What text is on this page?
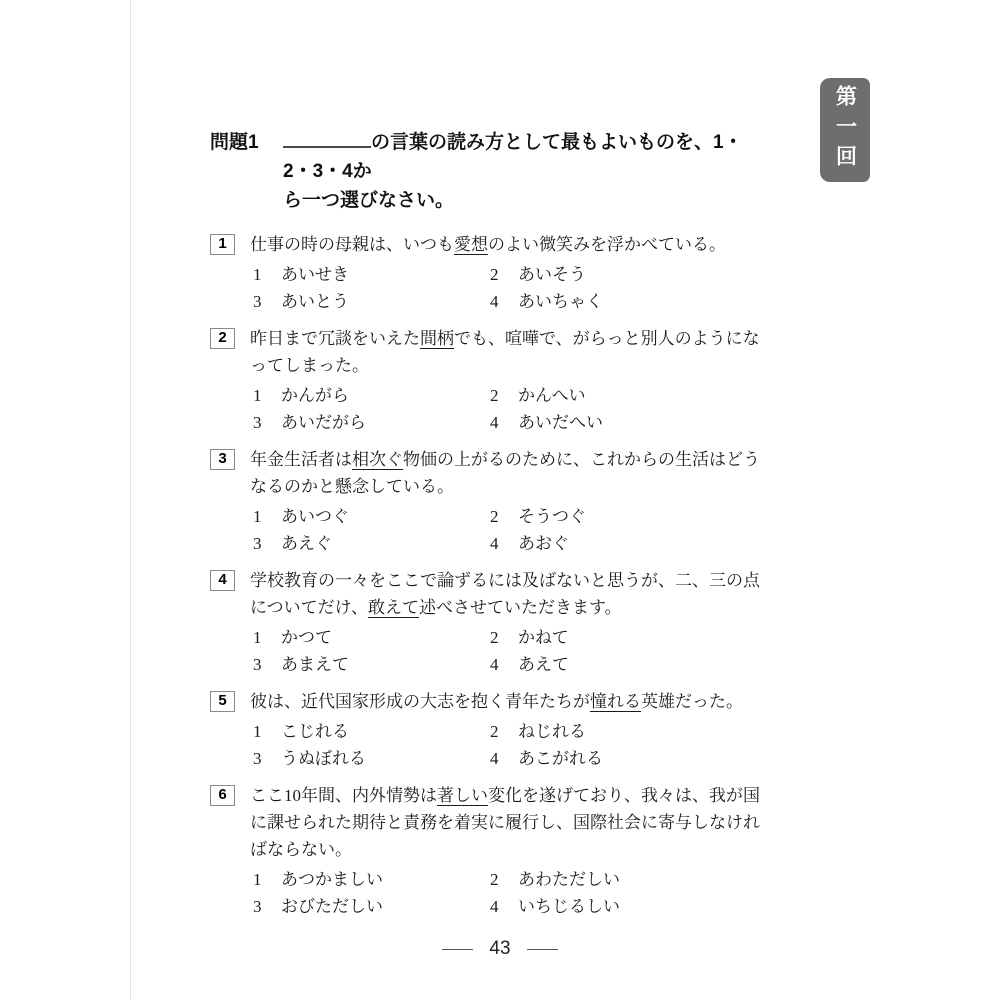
第一回
問題1	の言葉の読み方として最もよいものを、1・2・3・4か
ら一つ選びなさい。
1	仕事の時の母親は、いつも愛想のよい微笑みを浮かべている。
1	あいせき	2	あいそう
3	あいとう	4	あいちゃく
2	昨日まで冗談をいえた間柄でも、喧嘩で、がらっと別人のようになってしまった。
1	かんがら	2	かんへい
3	あいだがら	4	あいだへい
3	年金生活者は相次ぐ物価の上がるのために、これからの生活はどうなるのかと懸念している。
1	あいつぐ	2	そうつぐ
3	あえぐ	4	あおぐ
4	学校教育の一々をここで論ずるには及ばないと思うが、二、三の点についてだけ、敢えて述べさせていただきます。
1	かつて	2	かねて
3	あまえて	4	あえて
5	彼は、近代国家形成の大志を抱く青年たちが憧れる英雄だった。
1	こじれる	2	ねじれる
3	うぬぼれる	4	あこがれる
6	ここ10年間、内外情勢は著しい変化を遂げており、我々は、我が国に課せられた期待と責務を着実に履行し、国際社会に寄与しなければならない。
1	あつかましい	2	あわただしい
3	おびただしい	4	いちじるしい
43
